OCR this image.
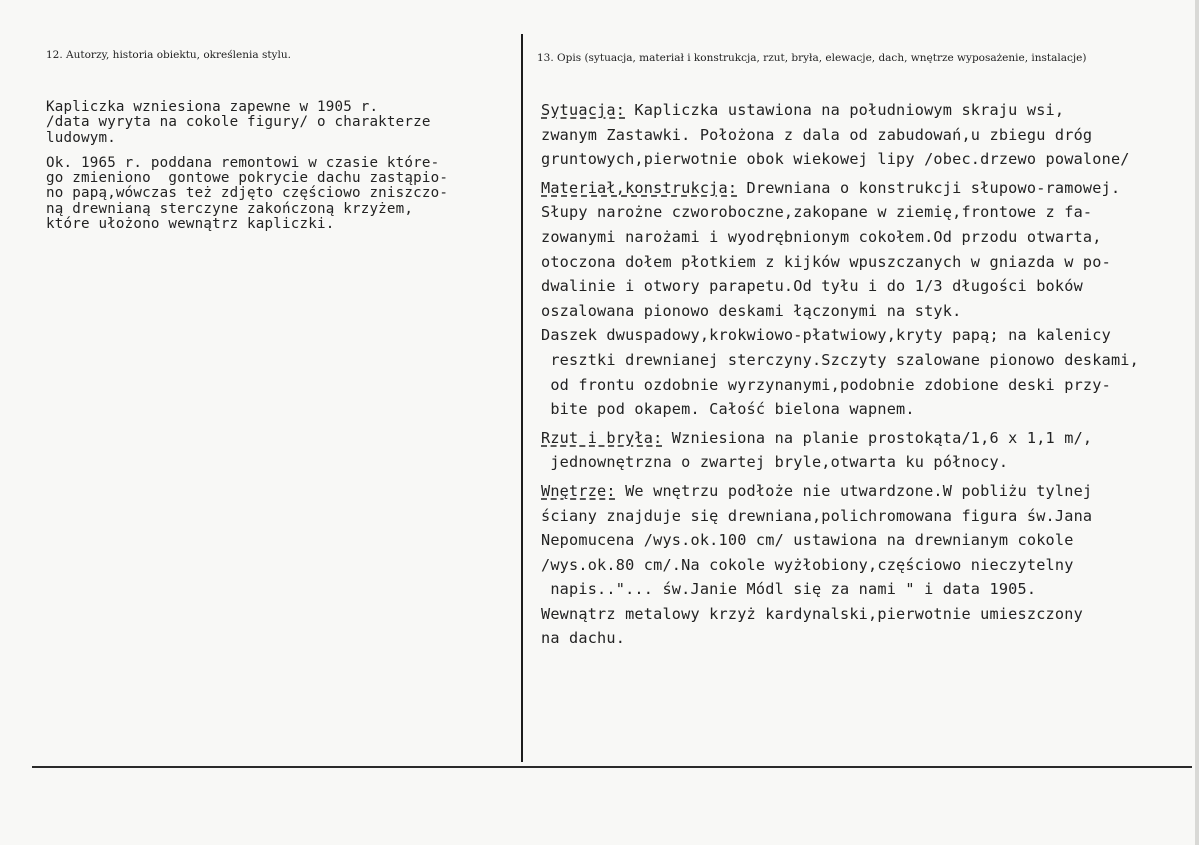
12. Autorzy, historia obiektu, określenia stylu.	13. Opis (sytuacja, materiał i konstrukcja, rzut, bryła, elewacje, dach, wnętrze wyposażenie, instalacje)
Kapliczka wzniesiona zapewne w 1905 r.
/data wyryta na cokole figury/ o charakterze
ludowym.
Ok. 1965 r. poddana remontowi w czasie które-
go zmieniono  gontowe pokrycie dachu zastąpio-
no papą,wówczas też zdjęto częściowo zniszczo-
ną drewnianą sterczyne zakończoną krzyżem,
które ułożono wewnątrz kapliczki.
Sytuacja: Kapliczka ustawiona na południowym skraju wsi,
zwanym Zastawki. Położona z dala od zabudowań,u zbiegu dróg
gruntowych,pierwotnie obok wiekowej lipy /obec.drzewo powalone/
Materiał,konstrukcja: Drewniana o konstrukcji słupowo-ramowej.
Słupy narożne czworoboczne,zakopane w ziemię,frontowe z fa-
zowanymi narożami i wyodrębnionym cokołem.Od przodu otwarta,
otoczona dołem płotkiem z kijków wpuszczanych w gniazda w po-
dwalinie i otwory parapetu.Od tyłu i do 1/3 długości boków
oszalowana pionowo deskami łączonymi na styk.
Daszek dwuspadowy,krokwiowo-płatwiowy,kryty papą; na kalenicy
resztki drewnianej sterczyny.Szczyty szalowane pionowo deskami,
od frontu ozdobnie wyrzynanymi,podobnie zdobione deski przy-
bite pod okapem. Całość bielona wapnem.
Rzut i bryła: Wzniesiona na planie prostokąta/1,6 x 1,1 m/,
jednownętrzna o zwartej bryle,otwarta ku północy.
Wnętrze: We wnętrzu podłoże nie utwardzone.W pobliżu tylnej
ściany znajduje się drewniana,polichromowana figura św.Jana
Nepomucena /wys.ok.100 cm/ ustawiona na drewnianym cokole
/wys.ok.80 cm/.Na cokole wyżłobiony,częściowo nieczytelny
napis.."... św.Janie Módl się za nami " i data 1905.
Wewnątrz metalowy krzyż kardynalski,pierwotnie umieszczony
na dachu.
